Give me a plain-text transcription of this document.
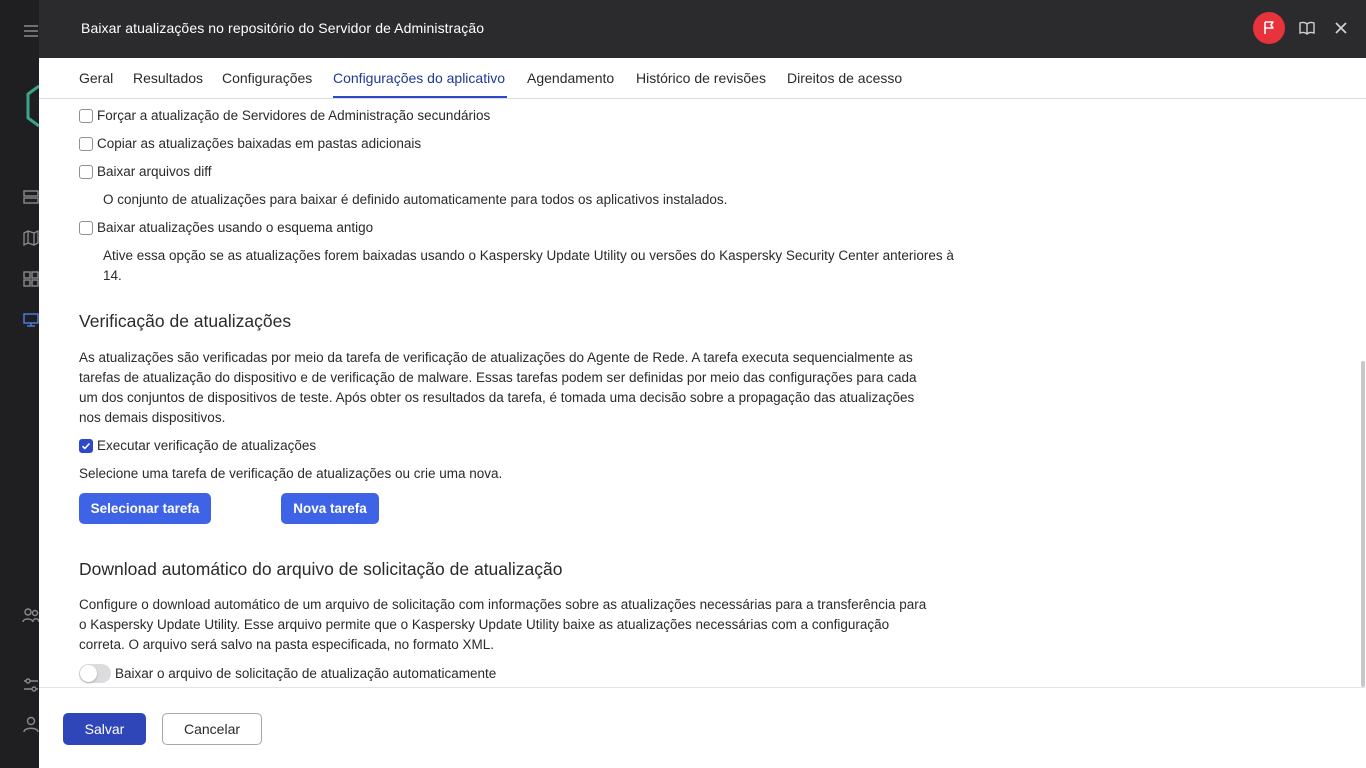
Baixar atualizações no repositório do Servidor de Administração
Geral Resultados Configurações Configurações do aplicativo Agendamento Histórico de revisões Direitos de acesso
Forçar a atualização de Servidores de Administração secundários
Copiar as atualizações baixadas em pastas adicionais
Baixar arquivos diff
O conjunto de atualizações para baixar é definido automaticamente para todos os aplicativos instalados.
Baixar atualizações usando o esquema antigo
Ative essa opção se as atualizações forem baixadas usando o Kaspersky Update Utility ou versões do Kaspersky Security Center anteriores à
14.
Verificação de atualizações
As atualizações são verificadas por meio da tarefa de verificação de atualizações do Agente de Rede. A tarefa executa sequencialmente as
tarefas de atualização do dispositivo e de verificação de malware. Essas tarefas podem ser definidas por meio das configurações para cada
um dos conjuntos de dispositivos de teste. Após obter os resultados da tarefa, é tomada uma decisão sobre a propagação das atualizações
nos demais dispositivos.
Executar verificação de atualizações
Selecione uma tarefa de verificação de atualizações ou crie uma nova.
Selecionar tarefa	Nova tarefa
Download automático do arquivo de solicitação de atualização
Configure o download automático de um arquivo de solicitação com informações sobre as atualizações necessárias para a transferência para
o Kaspersky Update Utility. Esse arquivo permite que o Kaspersky Update Utility baixe as atualizações necessárias com a configuração
correta. O arquivo será salvo na pasta especificada, no formato XML.
Baixar o arquivo de solicitação de atualização automaticamente
Salvar	Cancelar
